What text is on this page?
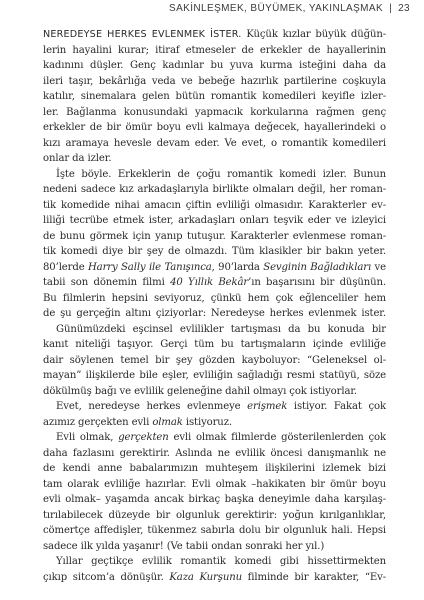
SAKİNLEŞMEK, BÜYÜMEK, YAKINLAŞMAK | 23
NEREDEYSE HERKES EVLENMEK İSTER. Küçük kızlar büyük düğün-
lerin hayalini kurar; itiraf etmeseler de erkekler de hayallerinin
kadınını düşler. Genç kadınlar bu yuva kurma isteğini daha da
ileri taşır, bekârlığa veda ve bebeğe hazırlık partilerine coşkuyla
katılır, sinemalara gelen bütün romantik komedileri keyifle izler-
ler. Bağlanma konusundaki yapmacık korkularına rağmen genç
erkekler de bir ömür boyu evli kalmaya değecek, hayallerindeki o
kızı aramaya hevesle devam eder. Ve evet, o romantik komedileri
onlar da izler.
İşte böyle. Erkeklerin de çoğu romantik komedi izler. Bunun
nedeni sadece kız arkadaşlarıyla birlikte olmaları değil, her roman-
tik komedide nihai amacın çiftin evliliği olmasıdır. Karakterler ev-
liliği tecrübe etmek ister, arkadaşları onları teşvik eder ve izleyici
de bunu görmek için yanıp tutuşur. Karakterler evlenmese roman-
tik komedi diye bir şey de olmazdı. Tüm klasikler bir bakın yeter.
80’lerde Harry Sally ile Tanışınca, 90’larda Sevginin Bağladıkları ve
tabii son dönemin filmi 40 Yıllık Bekâr’ın başarısını bir düşünün.
Bu filmlerin hepsini seviyoruz, çünkü hem çok eğlenceliler hem
de şu gerçeğin altını çiziyorlar: Neredeyse herkes evlenmek ister.
Günümüzdeki eşcinsel evlilikler tartışması da bu konuda bir
kanıt niteliği taşıyor. Gerçi tüm bu tartışmaların içinde evliliğe
dair söylenen temel bir şey gözden kayboluyor: “Geleneksel ol-
mayan” ilişkilerde bile eşler, evliliğin sağladığı resmi statüyü, söze
dökülmüş bağı ve evlilik geleneğine dahil olmayı çok istiyorlar.
Evet, neredeyse herkes evlenmeye erişmek istiyor. Fakat çok
azımız gerçekten evli olmak istiyoruz.
Evli olmak, gerçekten evli olmak filmlerde gösterilenlerden çok
daha fazlasını gerektirir. Aslında ne evlilik öncesi danışmanlık ne
de kendi anne babalarımızın muhteşem ilişkilerini izlemek bizi
tam olarak evliliğe hazırlar. Evli olmak –hakikaten bir ömür boyu
evli olmak– yaşamda ancak birkaç başka deneyimle daha karşılaş-
tırılabilecek düzeyde bir olgunluk gerektirir: yoğun kırılganlıklar,
cömertçe affedişler, tükenmez sabırla dolu bir olgunluk hali. Hepsi
sadece ilk yılda yaşanır! (Ve tabii ondan sonraki her yıl.)
Yıllar geçtikçe evlilik romantik komedi gibi hissettirmekten
çıkıp sitcom’a dönüşür. Kaza Kurşunu filminde bir karakter, “Ev-
